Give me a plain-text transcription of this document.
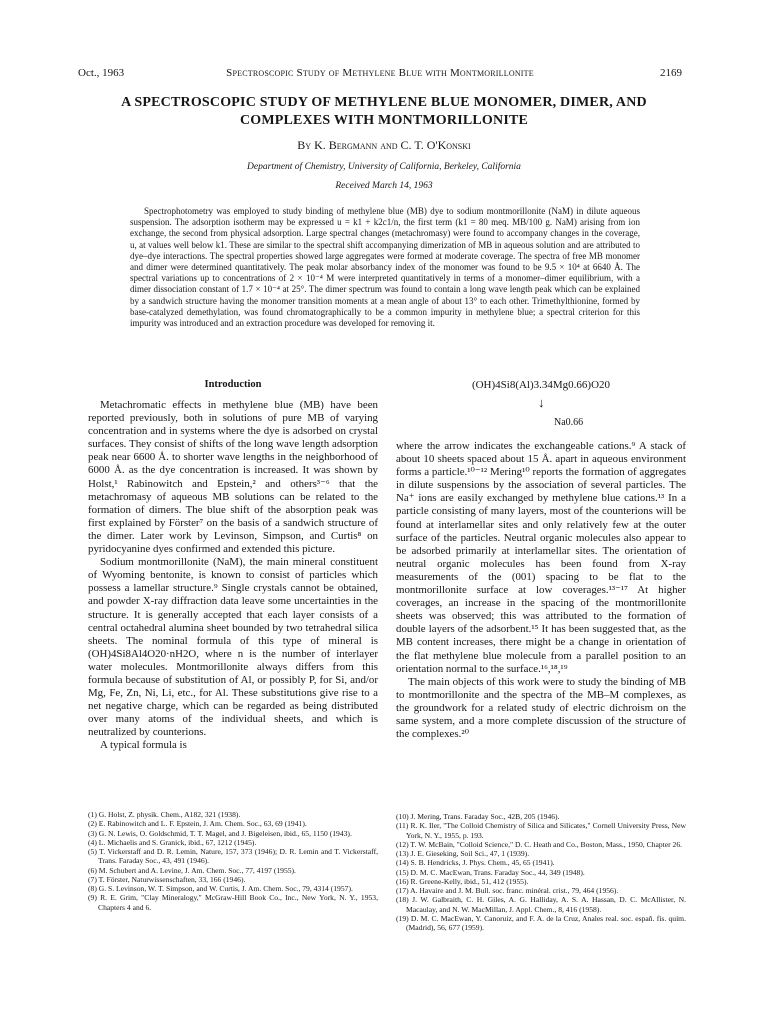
Oct., 1963	Spectroscopic Study of Methylene Blue with Montmorillonite	2169
A SPECTROSCOPIC STUDY OF METHYLENE BLUE MONOMER, DIMER, AND COMPLEXES WITH MONTMORILLONITE
By K. Bergmann and C. T. O'Konski
Department of Chemistry, University of California, Berkeley, California
Received March 14, 1963

Spectrophotometry was employed to study binding of methylene blue (MB) dye to sodium montmorillonite (NaM) in dilute aqueous suspension. The adsorption isotherm may be expressed u = k1 + k2c1/n, the first term (k1 = 80 meq. MB/100 g. NaM) arising from ion exchange, the second from physical adsorption. Large spectral changes (metachromasy) were found to accompany changes in the coverage, u, at values well below k1. These are similar to the spectral shift accompanying dimerization of MB in aqueous solution and are attributed to dye–dye interactions. The spectral properties showed large aggregates were formed at moderate coverage. The spectra of free MB monomer and dimer were determined quantitatively. The peak molar absorbancy index of the monomer was found to be 9.5 × 10⁴ at 6640 Å. The spectral variations up to concentrations of 2 × 10⁻⁴ M were interpreted quantitatively in terms of a monomer–dimer equilibrium, with a dimer dissociation constant of 1.7 × 10⁻⁴ at 25°. The dimer spectrum was found to contain a long wave length peak which can be explained by a sandwich structure having the monomer transition moments at a mean angle of about 13° to each other. Trimethylthionine, formed by base-catalyzed demethylation, was found chromatographically to be a common impurity in methylene blue; a spectral criterion for this impurity was introduced and an extraction procedure was developed for removing it.

Introduction

Metachromatic effects in methylene blue (MB) have been reported previously, both in solutions of pure MB of varying concentration and in systems where the dye is adsorbed on crystal surfaces. They consist of shifts of the long wave length adsorption peak near 6600 Å. to shorter wave lengths in the neighborhood of 6000 Å. as the dye concentration is increased. It was shown by Holst,¹ Rabinowitch and Epstein,² and others³⁻⁶ that the metachromasy of aqueous MB solutions can be related to the formation of dimers. The blue shift of the absorption peak was first explained by Förster⁷ on the basis of a sandwich structure of the dimer. Later work by Levinson, Simpson, and Curtis⁸ on pyridocyanine dyes confirmed and extended this picture.

Sodium montmorillonite (NaM), the main mineral constituent of Wyoming bentonite, is known to consist of particles which possess a lamellar structure.⁹ Single crystals cannot be obtained, and powder X-ray diffraction data leave some uncertainties in the structure. It is generally accepted that each layer consists of a central octahedral alumina sheet bounded by two tetrahedral silica sheets. The nominal formula of this type of mineral is (OH)4Si8Al4O20·nH2O, where n is the number of interlayer water molecules. Montmorillonite always differs from this formula because of substitution of Al, or possibly P, for Si, and/or Mg, Fe, Zn, Ni, Li, etc., for Al. These substitutions give rise to a net negative charge, which can be regarded as being distributed over many atoms of the individual sheets, and which is neutralized by counterions.

A typical formula is

(OH)4Si8(Al)3.34Mg0.66)O20
↓
Na0.66

where the arrow indicates the exchangeable cations.⁹ A stack of about 10 sheets spaced about 15 Å. apart in aqueous environment forms a particle.¹⁰⁻¹² Mering¹⁰ reports the formation of aggregates in dilute suspensions by the association of several particles. The Na⁺ ions are easily exchanged by methylene blue cations.¹³ In a particle consisting of many layers, most of the counterions will be found at interlamellar sites and only relatively few at the outer surface of the particles. Neutral organic molecules also appear to be adsorbed primarily at interlamellar sites. The orientation of neutral organic molecules has been found from X-ray measurements of the (001) spacing to be flat to the montmorillonite surface at low coverages.¹³⁻¹⁷ At higher coverages, an increase in the spacing of the montmorillonite sheets was observed; this was attributed to the formation of double layers of the adsorbent.¹⁵ It has been suggested that, as the MB content increases, there might be a change in orientation of the flat methylene blue molecule from a parallel position to an orientation normal to the surface.¹⁶,¹⁸,¹⁹

The main objects of this work were to study the binding of MB to montmorillonite and the spectra of the MB–M complexes, as the groundwork for a related study of electric dichroism on the same system, and a more complete discussion of the structure of the complexes.²⁰

(1) G. Holst, Z. physik. Chem., A182, 321 (1938).

(2) E. Rabinowitch and L. F. Epstein, J. Am. Chem. Soc., 63, 69 (1941).

(3) G. N. Lewis, O. Goldschmid, T. T. Magel, and J. Bigeleisen, ibid., 65, 1150 (1943).

(4) L. Michaelis and S. Granick, ibid., 67, 1212 (1945).

(5) T. Vickerstaff and D. R. Lemin, Nature, 157, 373 (1946); D. R. Lemin and T. Vickerstaff, Trans. Faraday Soc., 43, 491 (1946).

(6) M. Schubert and A. Levine, J. Am. Chem. Soc., 77, 4197 (1955).

(7) T. Förster, Naturwissenschaften, 33, 166 (1946).

(8) G. S. Levinson, W. T. Simpson, and W. Curtis, J. Am. Chem. Soc., 79, 4314 (1957).

(9) R. E. Grim, "Clay Mineralogy," McGraw-Hill Book Co., Inc., New York, N. Y., 1953, Chapters 4 and 6.

(10) J. Mering, Trans. Faraday Soc., 42B, 205 (1946).

(11) R. K. Iler, "The Colloid Chemistry of Silica and Silicates," Cornell University Press, New York, N. Y., 1955, p. 193.

(12) T. W. McBain, "Colloid Science," D. C. Heath and Co., Boston, Mass., 1950, Chapter 26.

(13) J. E. Gieseking, Soil Sci., 47, 1 (1939).

(14) S. B. Hendricks, J. Phys. Chem., 45, 65 (1941).

(15) D. M. C. MacEwan, Trans. Faraday Soc., 44, 349 (1948).

(16) R. Greene-Kelly, ibid., 51, 412 (1955).

(17) A. Havaire and J. M. Bull. soc. franc. minéral. crist., 79, 464 (1956).

(18) J. W. Galbraith, C. H. Giles, A. G. Halliday, A. S. A. Hassan, D. C. McAllister, N. Macaulay, and N. W. MacMillan, J. Appl. Chem., 8, 416 (1958).

(19) D. M. C. MacEwan, Y. Canoruiz, and F. A. de la Cruz, Anales real. soc. españ. fís. quím. (Madrid), 56, 677 (1959).
